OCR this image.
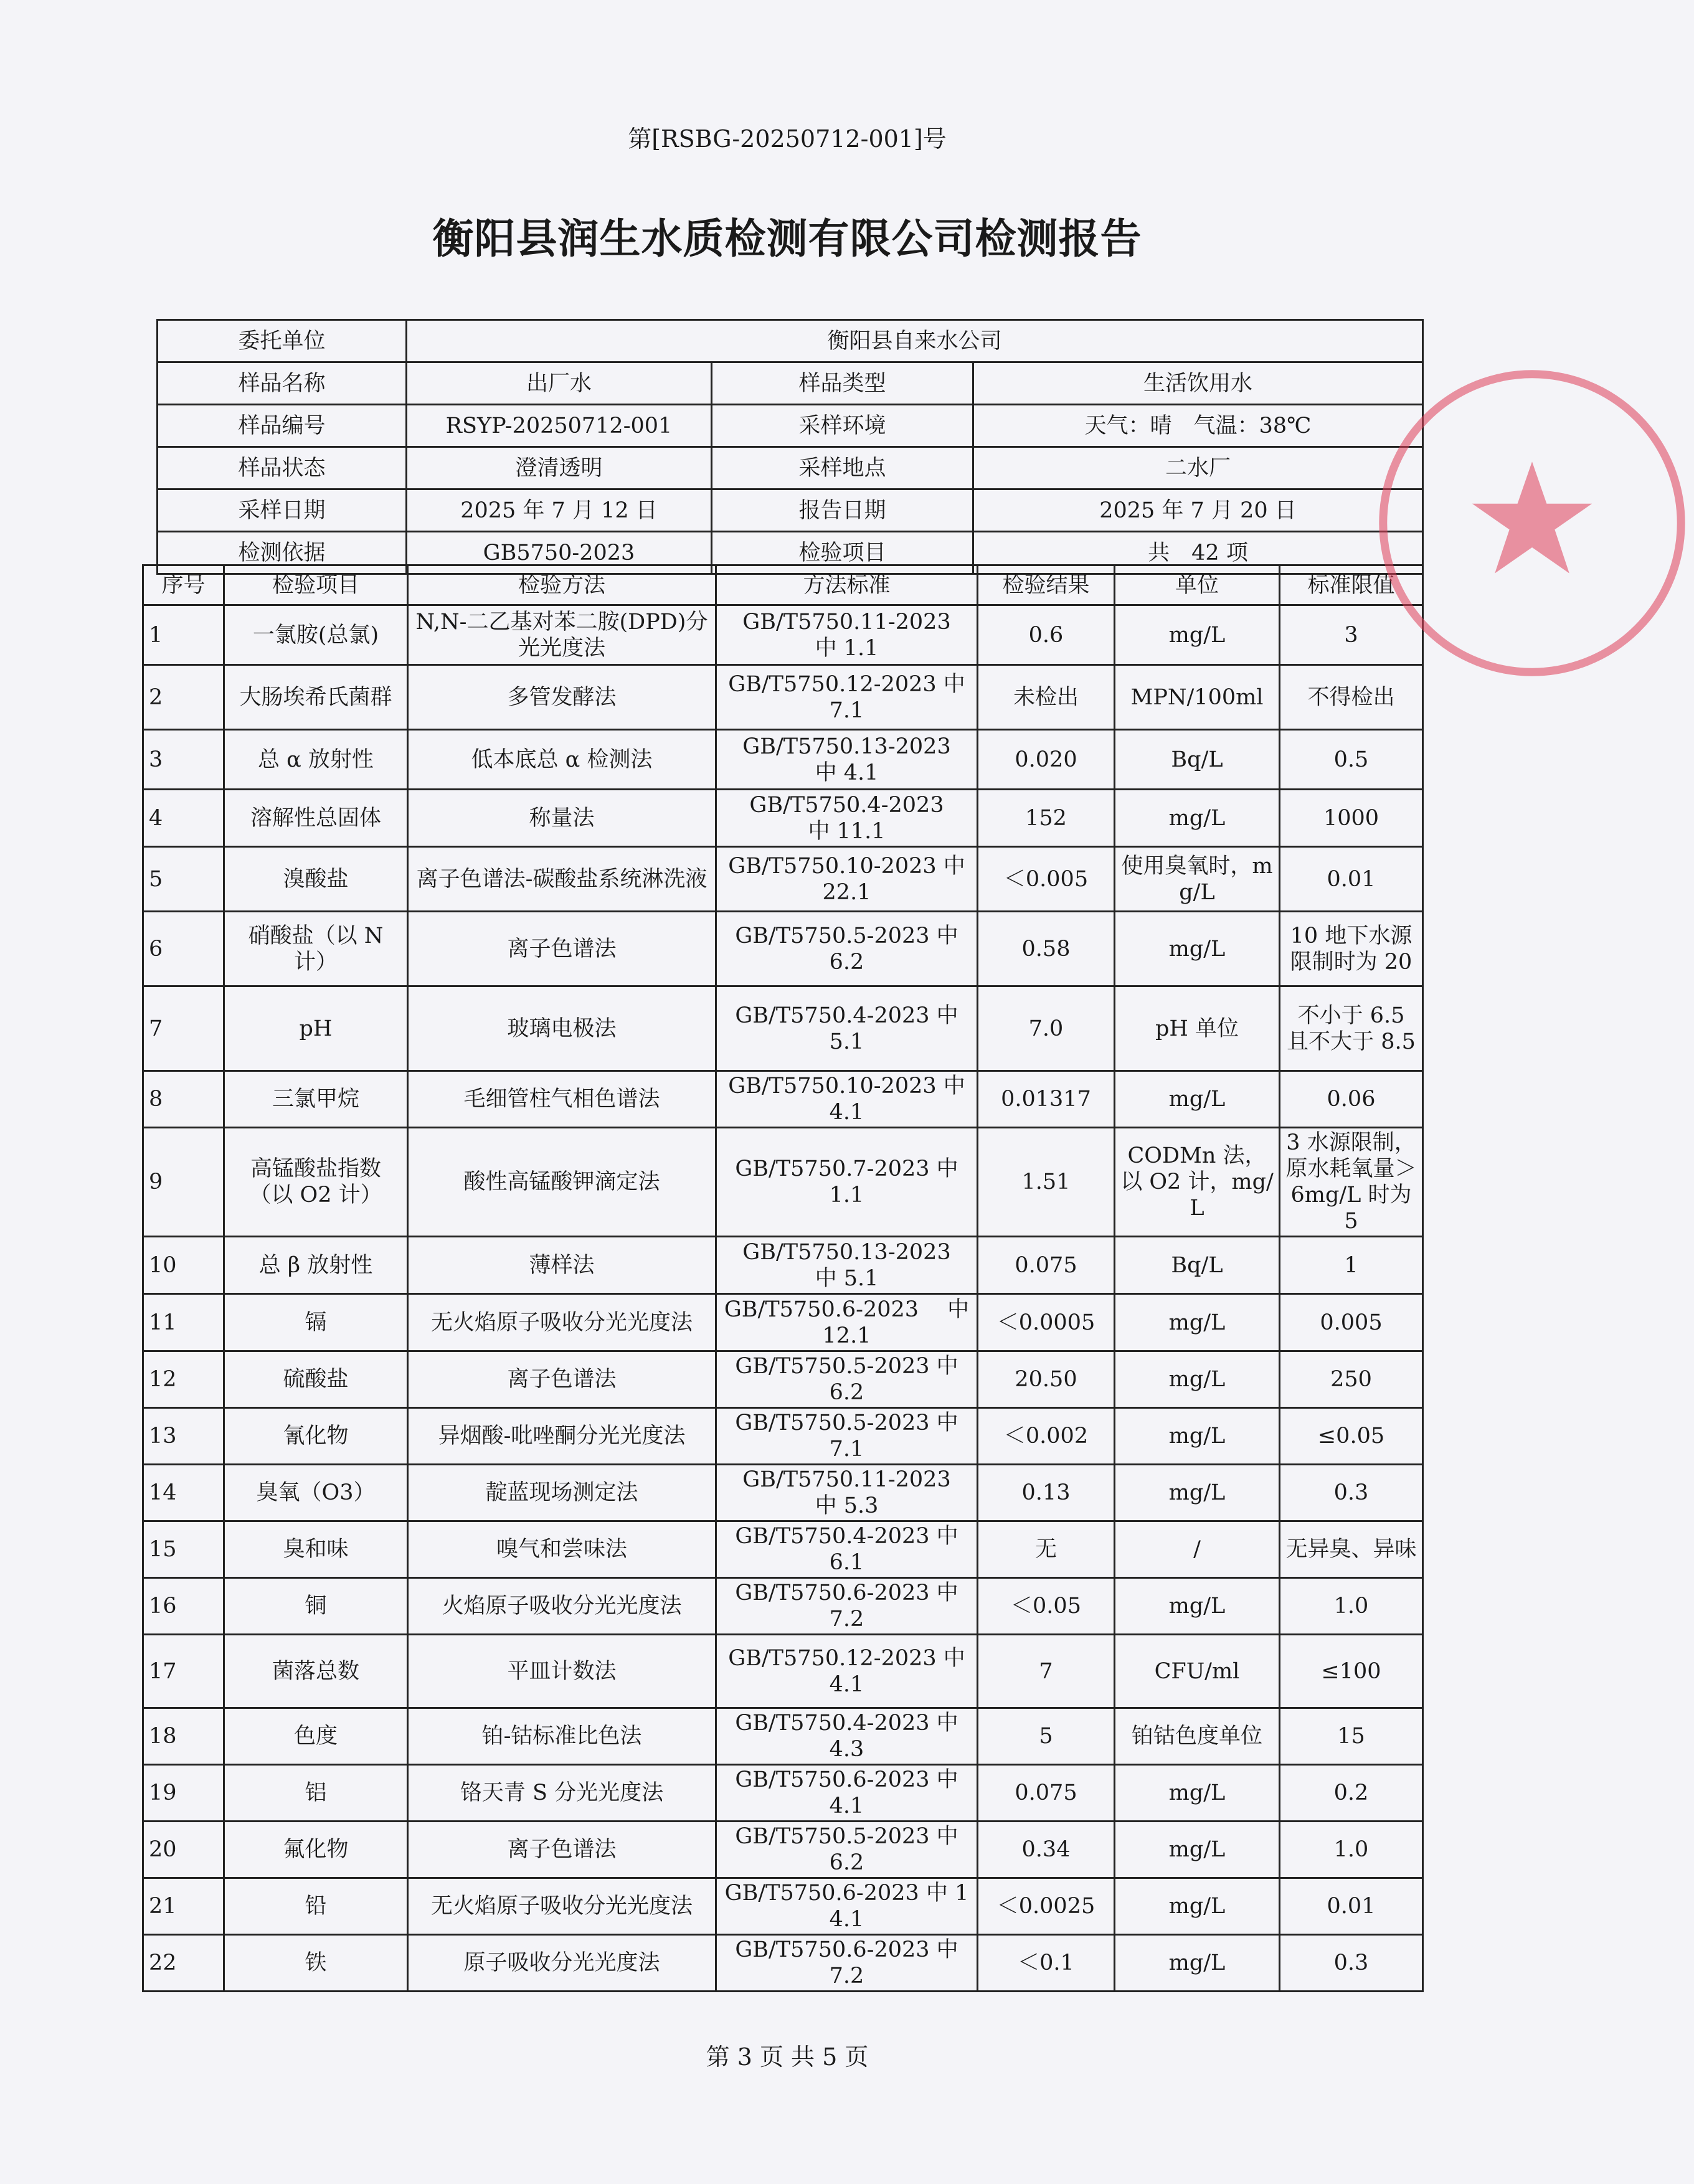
第[RSBG-20250712-001]号
衡阳县润生水质检测有限公司检测报告
委托单位	衡阳县自来水公司		
样品名称	出厂水	样品类型	生活饮用水
样品编号	RSYP-20250712-001	采样环境	天气：晴　气温：38℃
样品状态	澄清透明	采样地点	二水厂
采样日期	2025 年 7 月 12 日	报告日期	2025 年 7 月 20 日
检测依据	GB5750-2023	检验项目	共　42 项
序号	检验项目	检验方法	方法标准	检验结果	单位	标准限值
1	一氯胺(总氯)	N,N-二乙基对苯二胺(DPD)分光光度法	GB/T5750.11-2023　中 1.1	0.6	mg/L	3
2	大肠埃希氏菌群	多管发酵法	GB/T5750.12-2023 中 7.1	未检出	MPN/100ml	不得检出
3	总 α 放射性	低本底总 α 检测法	GB/T5750.13-2023　中 4.1	0.020	Bq/L	0.5
4	溶解性总固体	称量法	GB/T5750.4-2023　　中 11.1	152	mg/L	1000
5	溴酸盐	离子色谱法-碳酸盐系统淋洗液	GB/T5750.10-2023 中 22.1	＜0.005	使用臭氧时，mg/L	0.01
6	硝酸盐（以 N 计）	离子色谱法	GB/T5750.5-2023 中 6.2	0.58	mg/L	10 地下水源限制时为 20
7	pH	玻璃电极法	GB/T5750.4-2023 中 5.1	7.0	pH 单位	不小于 6.5 且不大于 8.5
8	三氯甲烷	毛细管柱气相色谱法	GB/T5750.10-2023 中 4.1	0.01317	mg/L	0.06
9	高锰酸盐指数（以 O2 计）	酸性高锰酸钾滴定法	GB/T5750.7-2023 中 1.1	1.51	CODMn 法，以 O2 计，mg/L	3 水源限制，原水耗氧量＞6mg/L 时为 5
10	总 β 放射性	薄样法	GB/T5750.13-2023　中 5.1	0.075	Bq/L	1
11	镉	无火焰原子吸收分光光度法	GB/T5750.6-2023　 中 12.1	＜0.0005	mg/L	0.005
12	硫酸盐	离子色谱法	GB/T5750.5-2023 中 6.2	20.50	mg/L	250
13	氰化物	异烟酸-吡唑酮分光光度法	GB/T5750.5-2023 中 7.1	＜0.002	mg/L	≤0.05
14	臭氧（O3）	靛蓝现场测定法	GB/T5750.11-2023　 中 5.3	0.13	mg/L	0.3
15	臭和味	嗅气和尝味法	GB/T5750.4-2023 中 6.1	无	/	无异臭、异味
16	铜	火焰原子吸收分光光度法	GB/T5750.6-2023 中 7.2	＜0.05	mg/L	1.0
17	菌落总数	平皿计数法	GB/T5750.12-2023 中 4.1	7	CFU/ml	≤100
18	色度	铂-钴标准比色法	GB/T5750.4-2023 中 4.3	5	铂钴色度单位	15
19	铝	铬天青 S 分光光度法	GB/T5750.6-2023 中 4.1	0.075	mg/L	0.2
20	氟化物	离子色谱法	GB/T5750.5-2023 中 6.2	0.34	mg/L	1.0
21	铅	无火焰原子吸收分光光度法	GB/T5750.6-2023 中 14.1	＜0.0025	mg/L	0.01
22	铁	原子吸收分光光度法	GB/T5750.6-2023 中 7.2	＜0.1	mg/L	0.3
第 3 页 共 5 页
